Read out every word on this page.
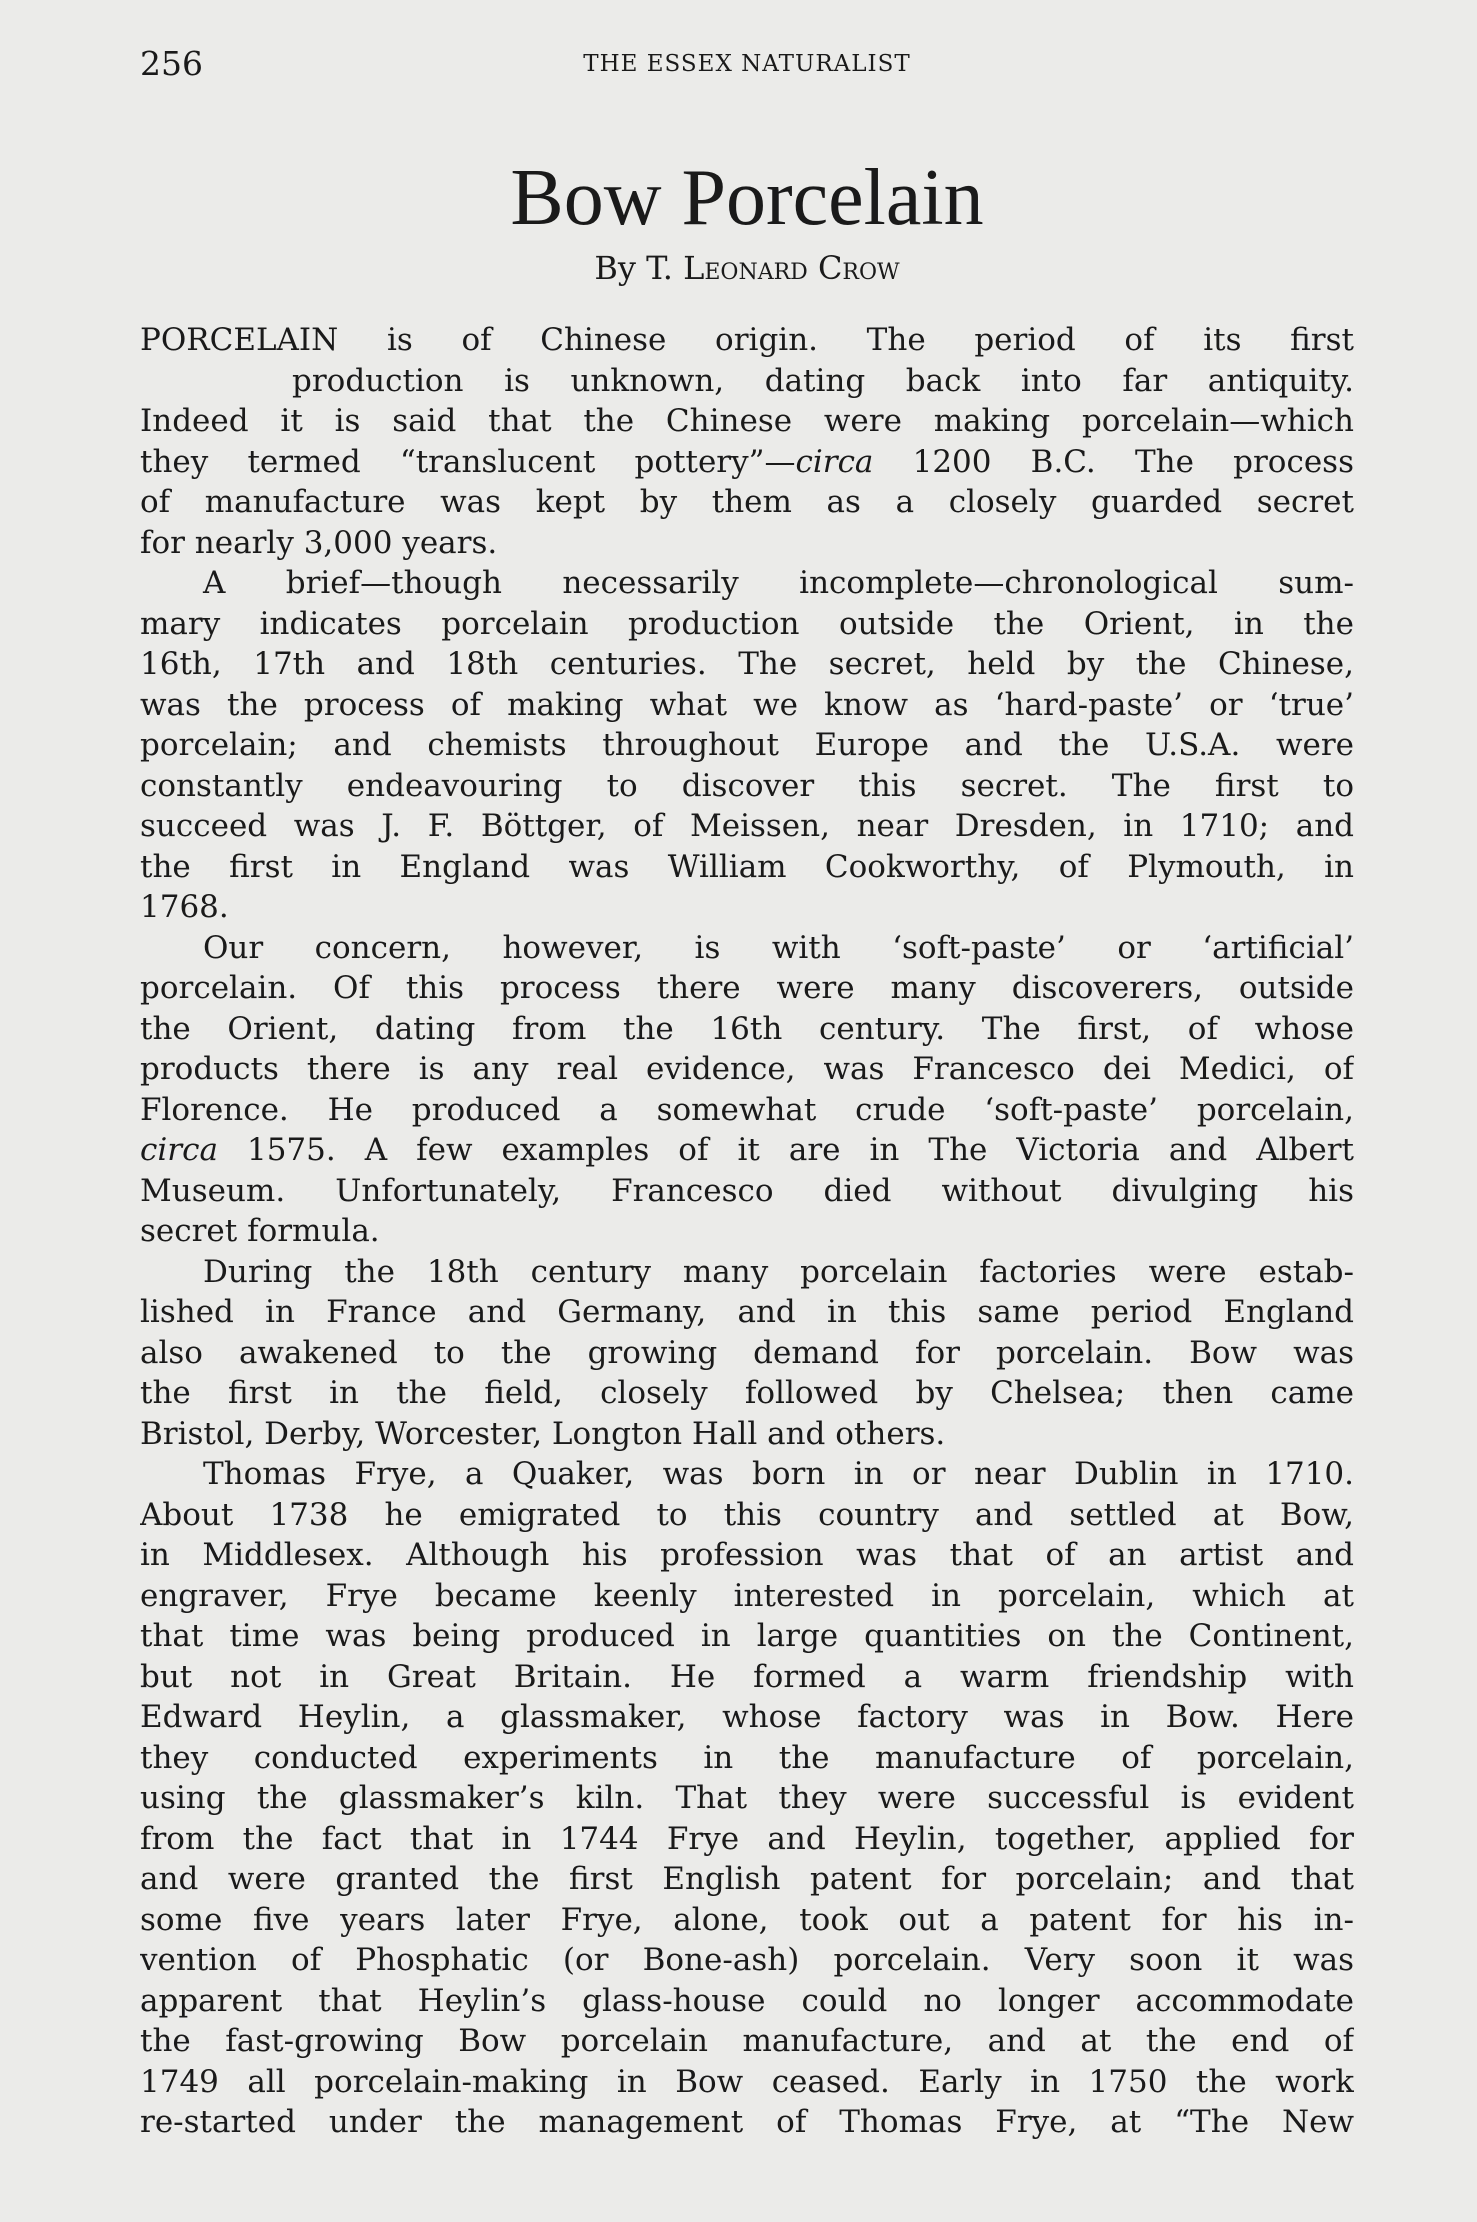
256	THE ESSEX NATURALIST
Bow Porcelain
By T. Leonard Crow
PORCELAIN is of Chinese origin. The period of its first
production is unknown, dating back into far antiquity.
Indeed it is said that the Chinese were making porcelain—which
they termed “translucent pottery”—circa 1200 B.C. The process
of manufacture was kept by them as a closely guarded secret
for nearly 3,000 years.
A brief—though necessarily incomplete—chronological sum-
mary indicates porcelain production outside the Orient, in the
16th, 17th and 18th centuries. The secret, held by the Chinese,
was the process of making what we know as ‘hard-paste’ or ‘true’
porcelain; and chemists throughout Europe and the U.S.A. were
constantly endeavouring to discover this secret. The first to
succeed was J. F. Böttger, of Meissen, near Dresden, in 1710; and
the first in England was William Cookworthy, of Plymouth, in
1768.
Our concern, however, is with ‘soft-paste’ or ‘artificial’
porcelain. Of this process there were many discoverers, outside
the Orient, dating from the 16th century. The first, of whose
products there is any real evidence, was Francesco dei Medici, of
Florence. He produced a somewhat crude ‘soft-paste’ porcelain,
circa 1575. A few examples of it are in The Victoria and Albert
Museum. Unfortunately, Francesco died without divulging his
secret formula.
During the 18th century many porcelain factories were estab-
lished in France and Germany, and in this same period England
also awakened to the growing demand for porcelain. Bow was
the first in the field, closely followed by Chelsea; then came
Bristol, Derby, Worcester, Longton Hall and others.
Thomas Frye, a Quaker, was born in or near Dublin in 1710.
About 1738 he emigrated to this country and settled at Bow,
in Middlesex. Although his profession was that of an artist and
engraver, Frye became keenly interested in porcelain, which at
that time was being produced in large quantities on the Continent,
but not in Great Britain. He formed a warm friendship with
Edward Heylin, a glassmaker, whose factory was in Bow. Here
they conducted experiments in the manufacture of porcelain,
using the glassmaker’s kiln. That they were successful is evident
from the fact that in 1744 Frye and Heylin, together, applied for
and were granted the first English patent for porcelain; and that
some five years later Frye, alone, took out a patent for his in-
vention of Phosphatic (or Bone-ash) porcelain. Very soon it was
apparent that Heylin’s glass-house could no longer accommodate
the fast-growing Bow porcelain manufacture, and at the end of
1749 all porcelain-making in Bow ceased. Early in 1750 the work
re-started under the management of Thomas Frye, at “The New
